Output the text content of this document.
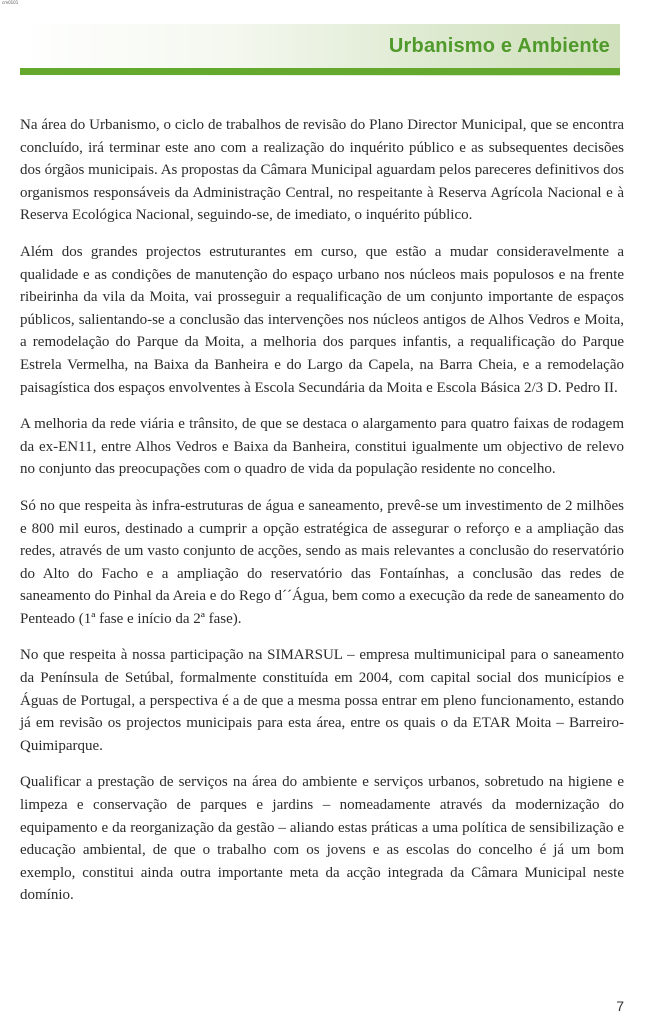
cm0101
Urbanismo e Ambiente

Na área do Urbanismo, o ciclo de trabalhos de revisão do Plano Director Municipal, que se encontra concluído, irá terminar este ano com a realização do inquérito público e as subsequentes decisões dos órgãos municipais. As propostas da Câmara Municipal aguardam pelos pareceres definitivos dos organismos responsáveis da Administração Central, no respeitante à Reserva Agrícola Nacional e à Reserva Ecológica Nacional, seguindo-se, de imediato, o inquérito público.

Além dos grandes projectos estruturantes em curso, que estão a mudar consideravelmente a qualidade e as condições de manutenção do espaço urbano nos núcleos mais populosos e na frente ribeirinha da vila da Moita, vai prosseguir a requalificação de um conjunto importante de espaços públicos, salientando-se a conclusão das intervenções nos núcleos antigos de Alhos Vedros e Moita, a remodelação do Parque da Moita, a melhoria dos parques infantis, a requalificação do Parque Estrela Vermelha, na Baixa da Banheira e do Largo da Capela, na Barra Cheia, e a remodelação paisagística dos espaços envolventes à Escola Secundária da Moita e Escola Básica 2/3 D. Pedro II.

A melhoria da rede viária e trânsito, de que se destaca o alargamento para quatro faixas de rodagem da ex-EN11, entre Alhos Vedros e Baixa da Banheira, constitui igualmente um objectivo de relevo no conjunto das preocupações com o quadro de vida da população residente no concelho.

Só no que respeita às infra-estruturas de água e saneamento, prevê-se um investimento de 2 milhões e 800 mil euros, destinado a cumprir a opção estratégica de assegurar o reforço e a ampliação das redes, através de um vasto conjunto de acções, sendo as mais relevantes a conclusão do reservatório do Alto do Facho e a ampliação do reservatório das Fontaínhas, a conclusão das redes de saneamento do Pinhal da Areia e do Rego d´´Água, bem como a execução da rede de saneamento do Penteado (1ª fase e início da 2ª fase).

No que respeita à nossa participação na SIMARSUL – empresa multimunicipal para o saneamento da Península de Setúbal, formalmente constituída em 2004, com capital social dos municípios e Águas de Portugal, a perspectiva é a de que a mesma possa entrar em pleno funcionamento, estando já em revisão os projectos municipais para esta área, entre os quais o da ETAR Moita – Barreiro- Quimiparque.

Qualificar a prestação de serviços na área do ambiente e serviços urbanos, sobretudo na higiene e limpeza e conservação de parques e jardins – nomeadamente através da modernização do equipamento e da reorganização da gestão – aliando estas práticas a uma política de sensibilização e educação ambiental, de que o trabalho com os jovens e as escolas do concelho é já um bom exemplo, constitui ainda outra importante meta da acção integrada da Câmara Municipal neste domínio.

7
